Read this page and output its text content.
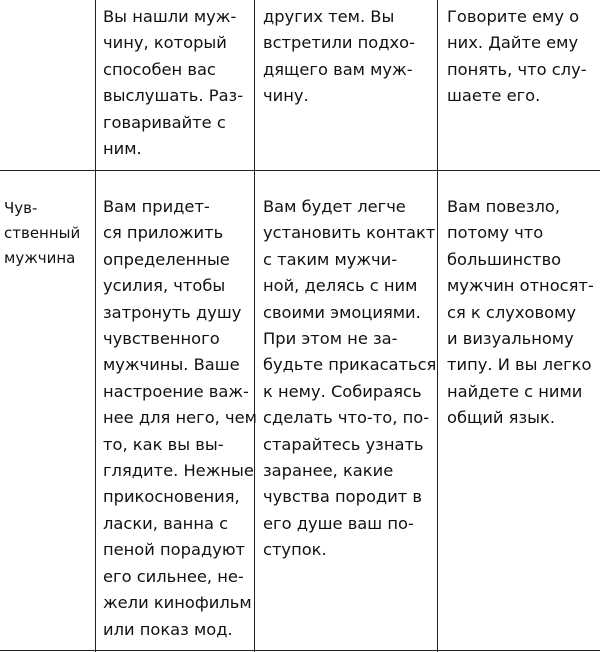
Вы нашли муж-
чину, который
способен вас
выслушать. Раз-
говаривайте с
ним.
других тем. Вы
встретили подхо-
дящего вам муж-
чину.
Говорите ему о
них. Дайте ему
понять, что слу-
шаете его.
Чув-
ственный
мужчина
Вам придет-
ся приложить
определенные
усилия, чтобы
затронуть душу
чувственного
мужчины. Ваше
настроение важ-
нее для него, чем
то, как вы вы-
глядите. Нежные
прикосновения,
ласки, ванна с
пеной порадуют
его сильнее, не-
жели кинофильм
или показ мод.
Вам будет легче
установить контакт
с таким мужчи-
ной, делясь с ним
своими эмоциями.
При этом не за-
будьте прикасаться
к нему. Собираясь
сделать что-то, по-
старайтесь узнать
заранее, какие
чувства породит в
его душе ваш по-
ступок.
Вам повезло,
потому что
большинство
мужчин относят-
ся к слуховому
и визуальному
типу. И вы легко
найдете с ними
общий язык.
